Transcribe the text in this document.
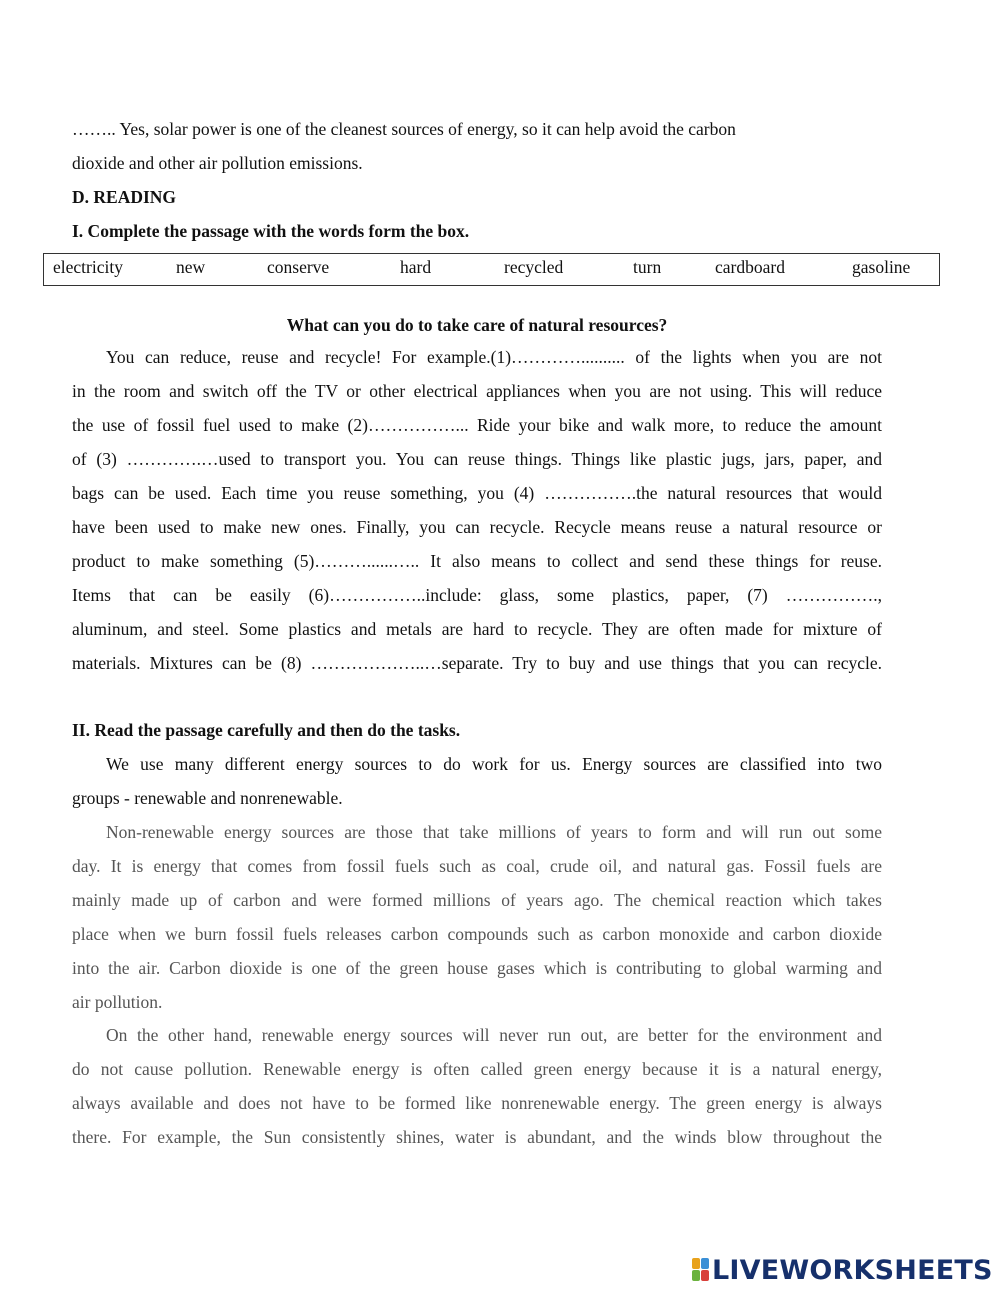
…….. Yes, solar power is one of the cleanest sources of energy, so it can help avoid the carbon
dioxide and other air pollution emissions.
D. READING
I. Complete the passage with the words form the box.
electricity	new	conserve	hard	recycled	turn	cardboard	gasoline
What can you do to take care of natural resources?
You can reduce, reuse and recycle! For example.(1)………….......... of the lights when you are not
in the room and switch off the TV or other electrical appliances when you are not using. This will reduce
the use of fossil fuel used to make (2)……………... Ride your bike and walk more, to reduce the amount
of (3) ………….…used to transport you. You can reuse things. Things like plastic jugs, jars, paper, and
bags can be used. Each time you reuse something, you (4) …………….the natural resources that would
have been used to make new ones. Finally, you can recycle. Recycle means reuse a natural resource or
product to make something (5)………......….. It also means to collect and send these things for reuse.
Items that can be easily (6)……………..include: glass, some plastics, paper, (7) …………….,
aluminum, and steel. Some plastics and metals are hard to recycle. They are often made for mixture of
materials. Mixtures can be (8) ………………..…separate. Try to buy and use things that you can recycle.
II. Read the passage carefully and then do the tasks.
We use many different energy sources to do work for us. Energy sources are classified into two
groups - renewable and nonrenewable.
Non-renewable energy sources are those that take millions of years to form and will run out some
day. It is energy that comes from fossil fuels such as coal, crude oil, and natural gas. Fossil fuels are
mainly made up of carbon and were formed millions of years ago. The chemical reaction which takes
place when we burn fossil fuels releases carbon compounds such as carbon monoxide and carbon dioxide
into the air. Carbon dioxide is one of the green house gases which is contributing to global warming and
air pollution.
On the other hand, renewable energy sources will never run out, are better for the environment and
do not cause pollution. Renewable energy is often called green energy because it is a natural energy,
always available and does not have to be formed like nonrenewable energy. The green energy is always
there. For example, the Sun consistently shines, water is abundant, and the winds blow throughout the
LIVEWORKSHEETS
